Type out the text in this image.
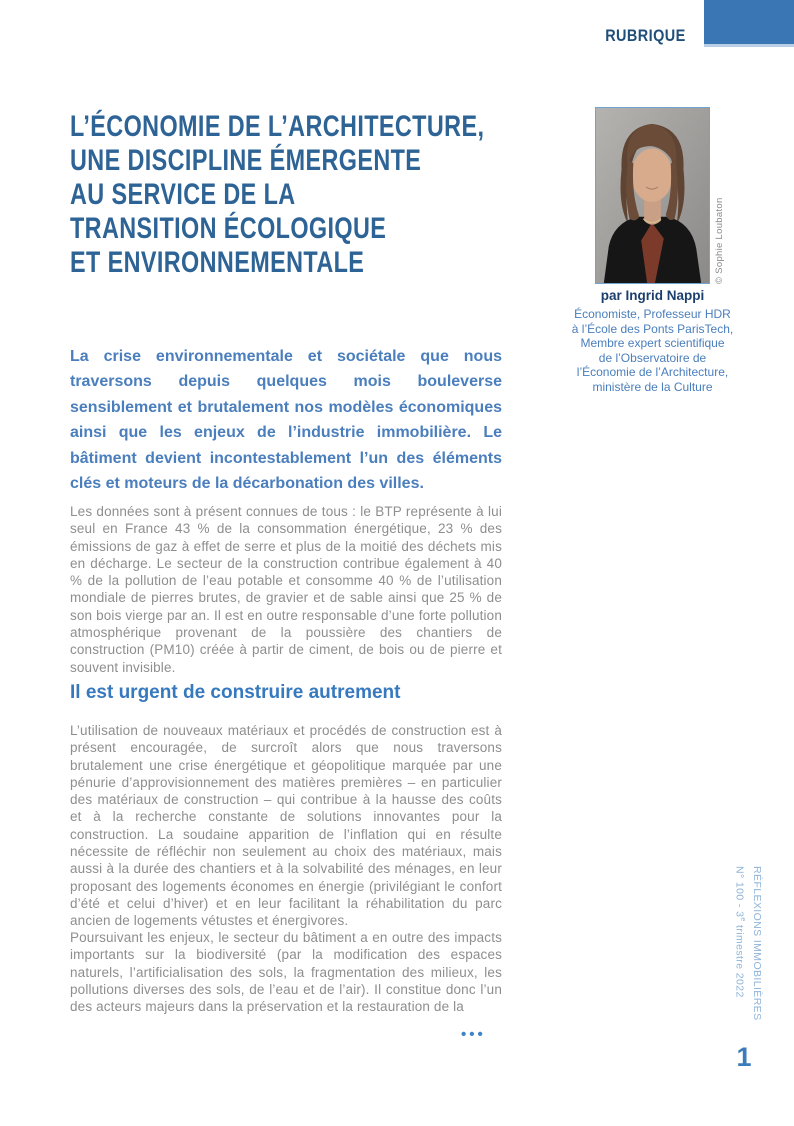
RUBRIQUE
L’ÉCONOMIE DE L’ARCHITECTURE,
UNE DISCIPLINE ÉMERGENTE
AU SERVICE DE LA
TRANSITION ÉCOLOGIQUE
ET ENVIRONNEMENTALE
La crise environnementale et sociétale que nous traversons depuis quelques mois bouleverse sensiblement et brutalement nos modèles économiques ainsi que les enjeux de l’industrie immobilière. Le bâtiment devient incontestablement l’un des éléments clés et moteurs de la décarbonation des villes.
Les données sont à présent connues de tous : le BTP représente à lui seul en France 43 % de la consommation énergétique, 23 % des émissions de gaz à effet de serre et plus de la moitié des déchets mis en décharge. Le secteur de la construction contribue également à 40 % de la pollution de l’eau potable et consomme 40 % de l’utilisation mondiale de pierres brutes, de gravier et de sable ainsi que 25 % de son bois vierge par an. Il est en outre responsable d’une forte pollution atmosphérique provenant de la poussière des chantiers de construction (PM10) créée à partir de ciment, de bois ou de pierre et souvent invisible.
Il est urgent de construire autrement
L’utilisation de nouveaux matériaux et procédés de construction est à présent encouragée, de surcroît alors que nous traversons brutalement une crise énergétique et géopolitique marquée par une pénurie d’approvisionnement des matières premières – en particulier des matériaux de construction – qui contribue à la hausse des coûts et à la recherche constante de solutions innovantes pour la construction. La soudaine apparition de l’inflation qui en résulte nécessite de réfléchir non seulement au choix des matériaux, mais aussi à la durée des chantiers et à la solvabilité des ménages, en leur proposant des logements économes en énergie (privilégiant le confort d’été et celui d’hiver) et en leur facilitant la réhabilitation du parc ancien de logements vétustes et énergivores.
Poursuivant les enjeux, le secteur du bâtiment a en outre des impacts importants sur la biodiversité (par la modification des espaces naturels, l’artificialisation des sols, la fragmentation des milieux, les pollutions diverses des sols, de l’eau et de l’air). Il constitue donc l’un des acteurs majeurs dans la préservation et la restauration de la
•••
© Sophie Loubaton
par Ingrid Nappi
Économiste, Professeur HDR
à l’École des Ponts ParisTech,
Membre expert scientifique
de l’Observatoire de
l’Économie de l’Architecture,
ministère de la Culture
RÉFLEXIONS IMMOBILIÈRES
N° 100 - 3e trimestre 2022
1
